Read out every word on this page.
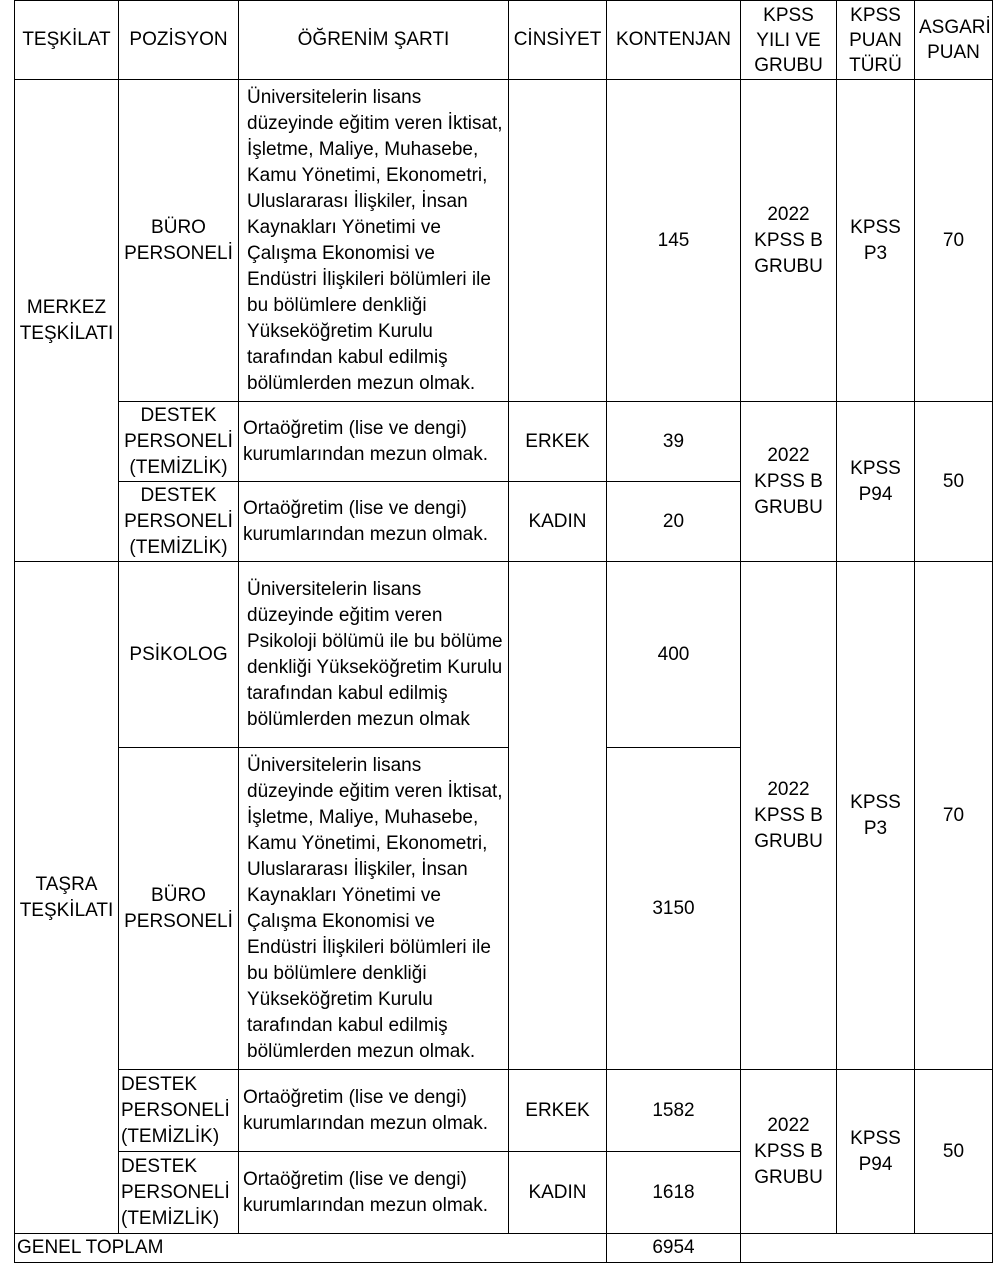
TEŞKİLAT	POZİSYON	ÖĞRENİM ŞARTI	CİNSİYET	KONTENJAN	KPSS YILI VE GRUBU	KPSS PUAN TÜRÜ	ASGARİ PUAN
MERKEZ TEŞKİLATI	BÜRO PERSONELİ	Üniversitelerin lisans düzeyinde eğitim veren İktisat, İşletme, Maliye, Muhasebe, Kamu Yönetimi, Ekonometri, Uluslararası İlişkiler, İnsan Kaynakları Yönetimi ve Çalışma Ekonomisi ve Endüstri İlişkileri bölümleri ile bu bölümlere denkliği Yükseköğretim Kurulu tarafından kabul edilmiş bölümlerden mezun olmak.		145	2022 KPSS B GRUBU	KPSS P3	70
	DESTEK PERSONELİ (TEMİZLİK)	Ortaöğretim (lise ve dengi) kurumlarından mezun olmak.	ERKEK	39	2022 KPSS B GRUBU	KPSS P94	50
	DESTEK PERSONELİ (TEMİZLİK)	Ortaöğretim (lise ve dengi) kurumlarından mezun olmak.	KADIN	20			
TAŞRA TEŞKİLATI	PSİKOLOG	Üniversitelerin lisans düzeyinde eğitim veren Psikoloji bölümü ile bu bölüme denkliği Yükseköğretim Kurulu tarafından kabul edilmiş bölümlerden mezun olmak		400	2022 KPSS B GRUBU	KPSS P3	70
	BÜRO PERSONELİ	Üniversitelerin lisans düzeyinde eğitim veren İktisat, İşletme, Maliye, Muhasebe, Kamu Yönetimi, Ekonometri, Uluslararası İlişkiler, İnsan Kaynakları Yönetimi ve Çalışma Ekonomisi ve Endüstri İlişkileri bölümleri ile bu bölümlere denkliği Yükseköğretim Kurulu tarafından kabul edilmiş bölümlerden mezun olmak.		3150			
	DESTEK PERSONELİ (TEMİZLİK)	Ortaöğretim (lise ve dengi) kurumlarından mezun olmak.	ERKEK	1582	2022 KPSS B GRUBU	KPSS P94	50
	DESTEK PERSONELİ (TEMİZLİK)	Ortaöğretim (lise ve dengi) kurumlarından mezun olmak.	KADIN	1618			
GENEL TOPLAM				6954			
